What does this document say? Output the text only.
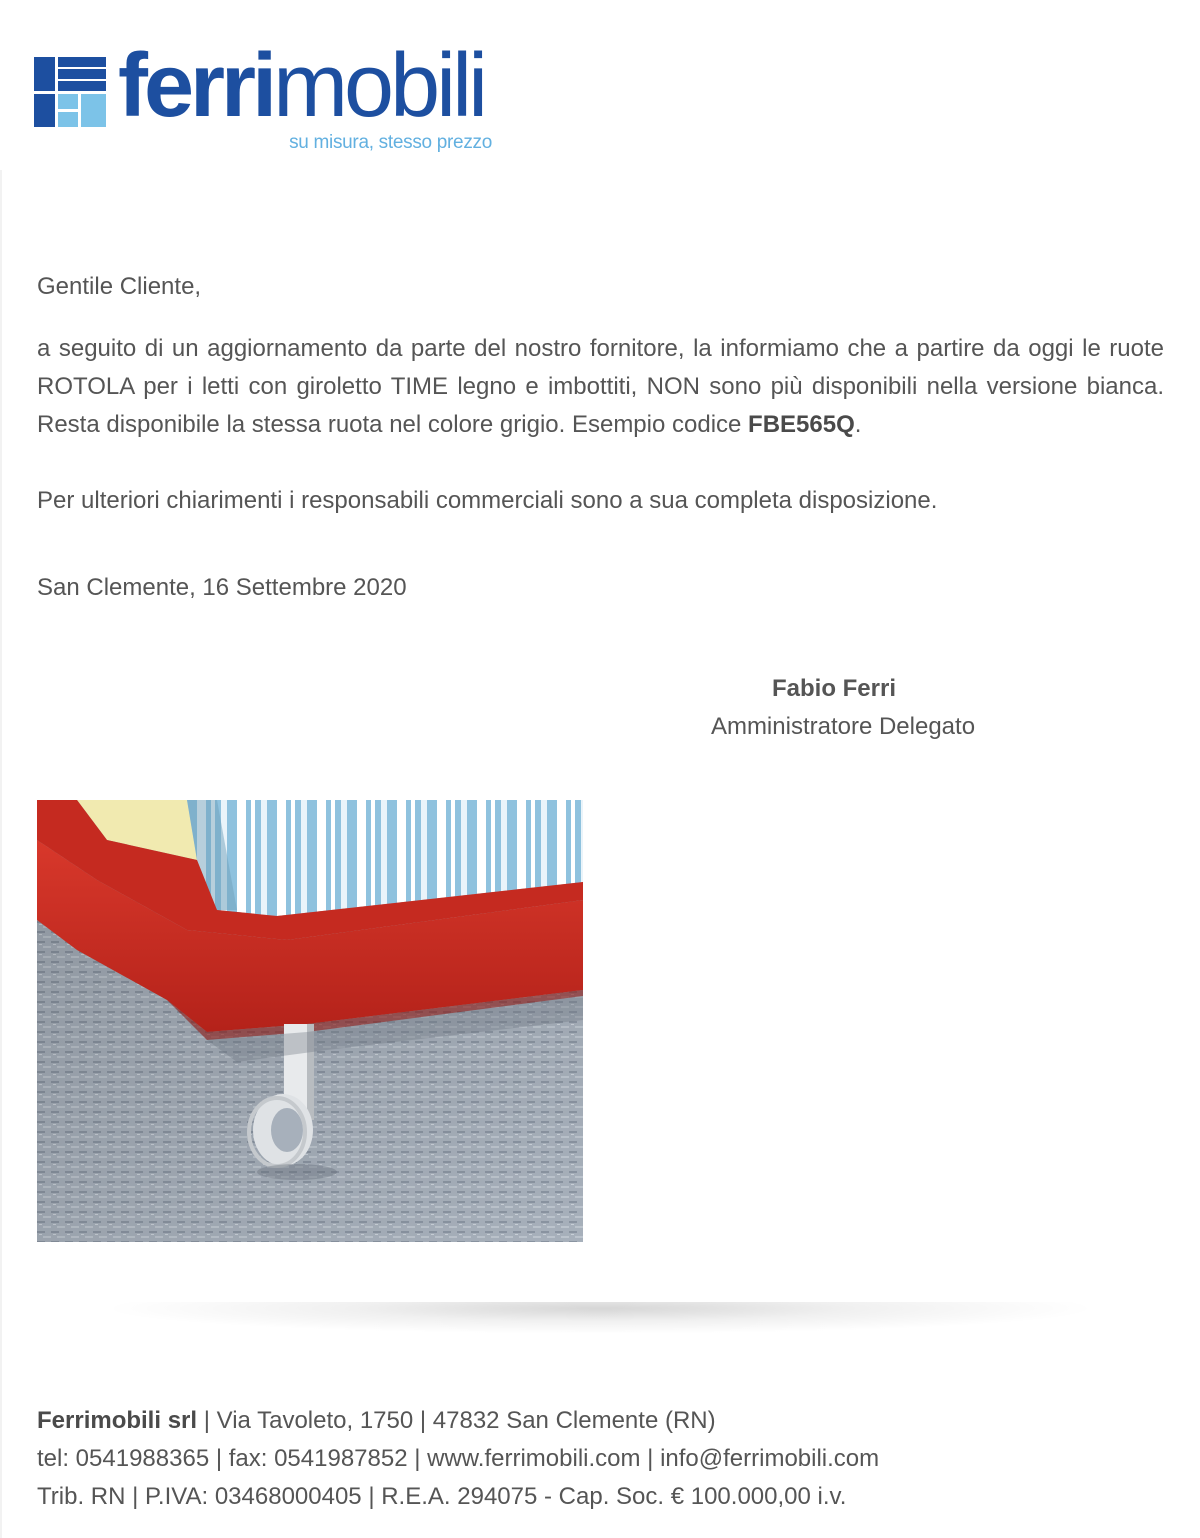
ferrimobili
su misura, stesso prezzo

Gentile Cliente,

a seguito di un aggiornamento da parte del nostro fornitore, la informiamo che a partire da oggi le ruote ROTOLA per i letti con giroletto TIME legno e imbottiti, NON sono più disponibili nella versione bianca. Resta disponibile la stessa ruota nel colore grigio. Esempio codice FBE565Q.

Per ulteriori chiarimenti i responsabili commerciali sono a sua completa disposizione.

San Clemente, 16 Settembre 2020

Fabio Ferri
Amministratore Delegato
Ferrimobili srl | Via Tavoleto, 1750 | 47832 San Clemente (RN)
tel: 0541988365 | fax: 0541987852 | www.ferrimobili.com | info@ferrimobili.com
Trib. RN | P.IVA: 03468000405 | R.E.A. 294075 - Cap. Soc. € 100.000,00 i.v.
